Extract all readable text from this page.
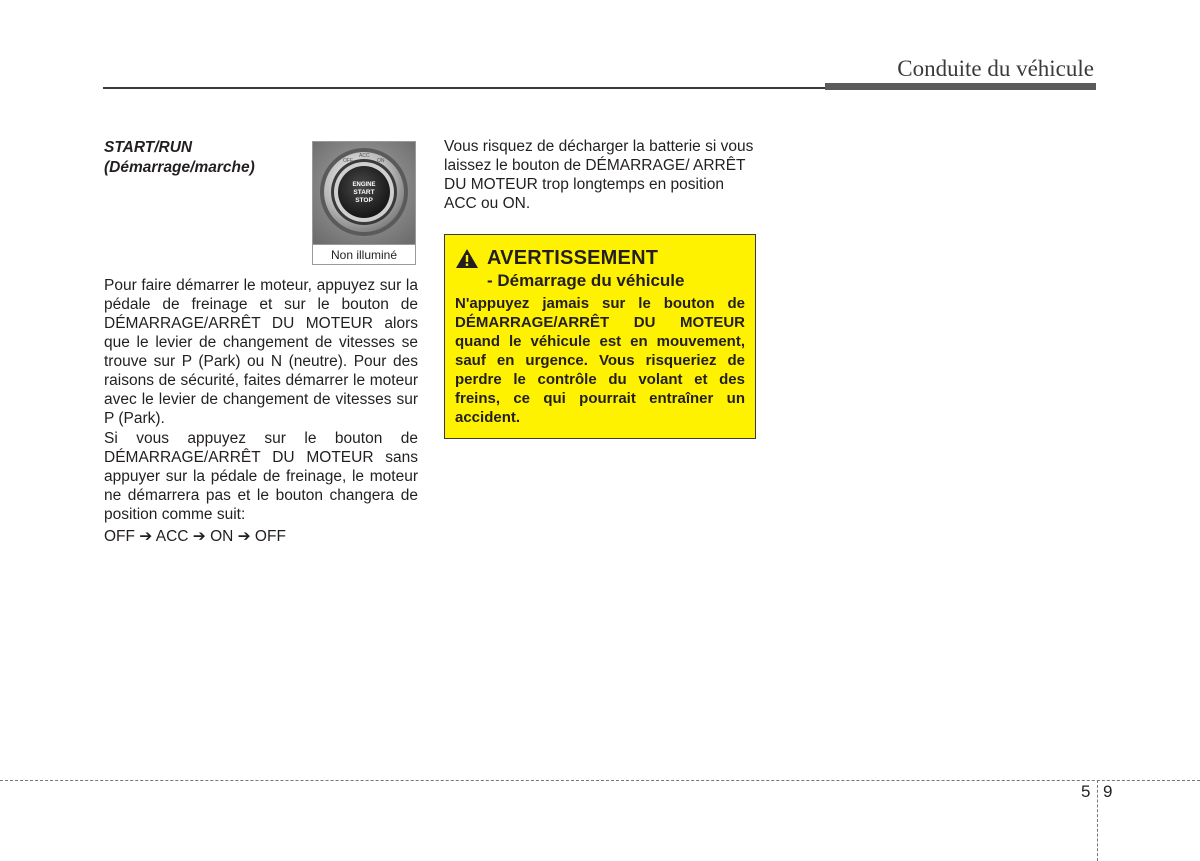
Conduite du véhicule
START/RUN
(Démarrage/marche)	OFF
ACC
ON
ENGINE
START
STOP
Non illuminé

Pour faire démarrer le moteur, appuyez sur la pédale de freinage et sur le bouton de DÉMARRAGE/ARRÊT DU MOTEUR alors que le levier de changement de vitesses se trouve sur P (Park) ou N (neutre). Pour des raisons de sécurité, faites démarrer le moteur avec le levier de changement de vitesses sur P (Park).

Si vous appuyez sur le bouton de DÉMARRAGE/ARRÊT DU MOTEUR sans appuyer sur la pédale de freinage, le moteur ne démarrera pas et le bouton changera de position comme suit:

OFF ➔ ACC ➔ ON ➔ OFF
Vous risquez de décharger la batterie si vous laissez le bouton de DÉMARRAGE/ ARRÊT DU MOTEUR trop longtemps en position ACC ou ON.
AVERTISSEMENT
- Démarrage du véhicule
N'appuyez jamais sur le bouton de DÉMARRAGE/ARRÊT DU MOTEUR quand le véhicule est en mouvement, sauf en urgence. Vous risqueriez de perdre le contrôle du volant et des freins, ce qui pourrait entraîner un accident.
5 9
